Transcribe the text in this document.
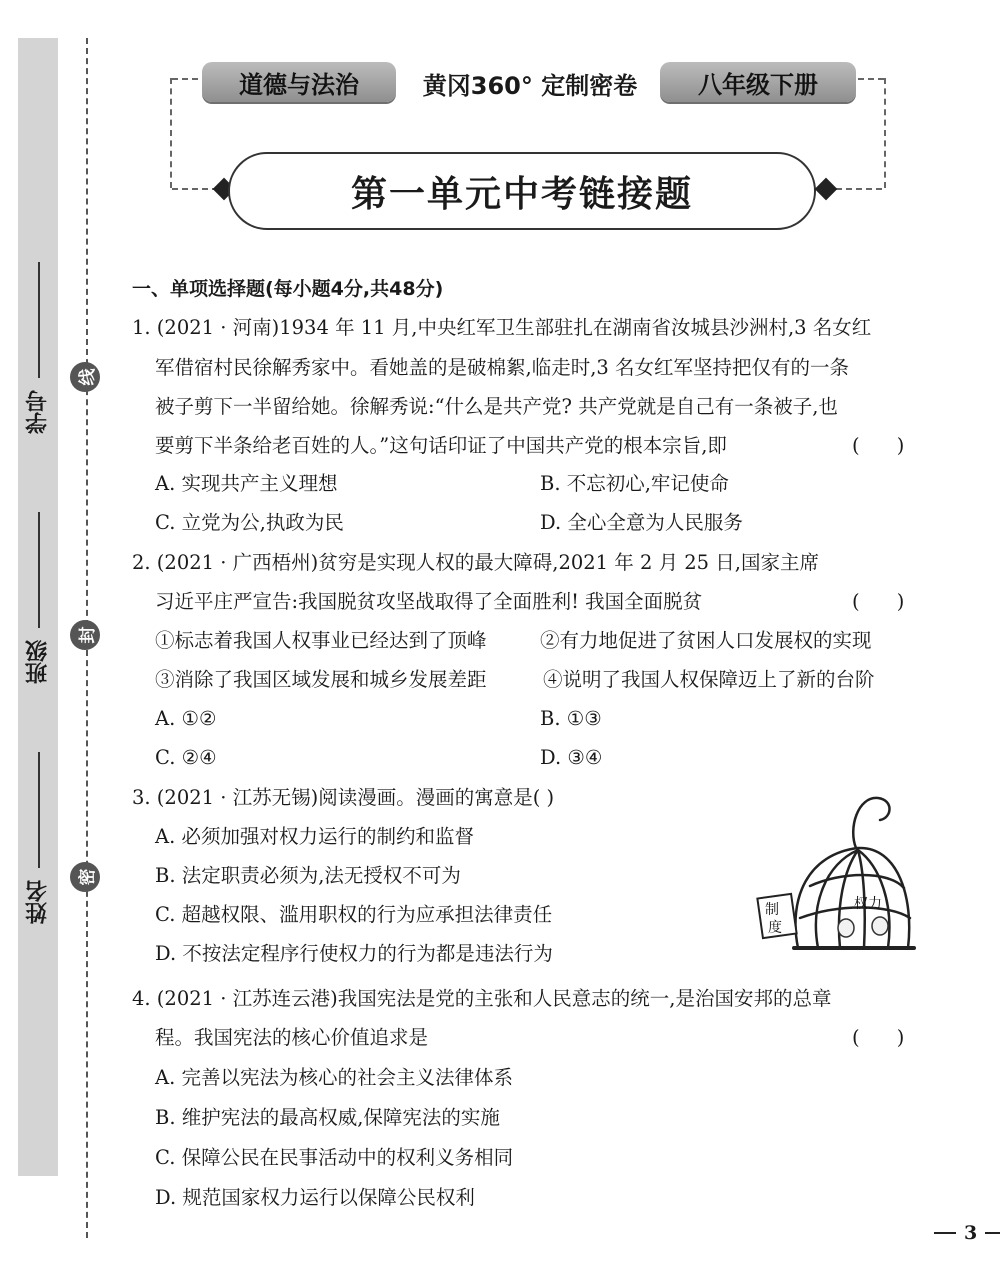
学号
班级
姓名
线
封
密
道德与法治	黄冈360° 定制密卷	八年级下册
第一单元中考链接题
一、单项选择题(每小题4分,共48分)
1. (2021 · 河南)1934 年 11 月,中央红军卫生部驻扎在湖南省汝城县沙洲村,3 名女红
军借宿村民徐解秀家中。看她盖的是破棉絮,临走时,3 名女红军坚持把仅有的一条
被子剪下一半留给她。徐解秀说:“什么是共产党? 共产党就是自己有一条被子,也
要剪下半条给老百姓的人。”这句话印证了中国共产党的根本宗旨,即	(      )
A. 实现共产主义理想	B. 不忘初心,牢记使命
C. 立党为公,执政为民	D. 全心全意为人民服务
2. (2021 · 广西梧州)贫穷是实现人权的最大障碍,2021 年 2 月 25 日,国家主席
习近平庄严宣告:我国脱贫攻坚战取得了全面胜利! 我国全面脱贫	(      )
①标志着我国人权事业已经达到了顶峰	②有力地促进了贫困人口发展权的实现
③消除了我国区域发展和城乡发展差距	④说明了我国人权保障迈上了新的台阶
A. ①②	B. ①③
C. ②④	D. ③④
3. (2021 · 江苏无锡)阅读漫画。漫画的寓意是( )
A. 必须加强对权力运行的制约和监督
B. 法定职责必须为,法无授权不可为
C. 超越权限、滥用职权的行为应承担法律责任
D. 不按法定程序行使权力的行为都是违法行为
制
度
权力
4. (2021 · 江苏连云港)我国宪法是党的主张和人民意志的统一,是治国安邦的总章
程。我国宪法的核心价值追求是	(      )
A. 完善以宪法为核心的社会主义法律体系
B. 维护宪法的最高权威,保障宪法的实施
C. 保障公民在民事活动中的权利义务相同
D. 规范国家权力运行以保障公民权利
3
